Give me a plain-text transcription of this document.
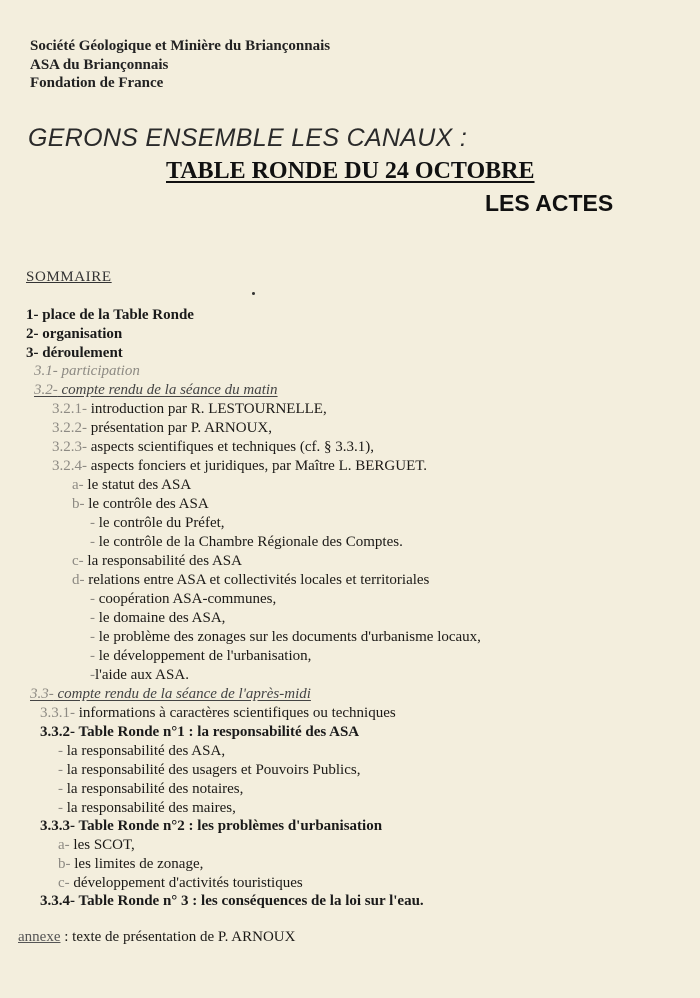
Société Géologique et Minière du Briançonnais
ASA du Briançonnais
Fondation de France
GERONS ENSEMBLE LES CANAUX :
TABLE RONDE DU 24 OCTOBRE
LES ACTES
SOMMAIRE
1- place de la Table Ronde
2- organisation
3- déroulement
3.1- participation
3.2- compte rendu de la séance du matin
3.2.1- introduction par R. LESTOURNELLE,
3.2.2- présentation par P. ARNOUX,
3.2.3- aspects scientifiques et techniques (cf. § 3.3.1),
3.2.4- aspects fonciers et juridiques, par Maître L. BERGUET.
a- le statut des ASA
b- le contrôle des ASA
- le contrôle du Préfet,
- le contrôle de la Chambre Régionale des Comptes.
c- la responsabilité des ASA
d- relations entre ASA et collectivités locales et territoriales
- coopération ASA-communes,
- le domaine des ASA,
- le problème des zonages sur les documents d'urbanisme locaux,
- le développement de l'urbanisation,
-l'aide aux ASA.
3.3- compte rendu de la séance de l'après-midi
3.3.1- informations à caractères scientifiques ou techniques
3.3.2- Table Ronde n°1 : la responsabilité des ASA
- la responsabilité des ASA,
- la responsabilité des usagers et Pouvoirs Publics,
- la responsabilité des notaires,
- la responsabilité des maires,
3.3.3- Table Ronde n°2 : les problèmes d'urbanisation
a- les SCOT,
b- les limites de zonage,
c- développement d'activités touristiques
3.3.4- Table Ronde n° 3 : les conséquences de la loi sur l'eau.
annexe : texte de présentation de P. ARNOUX
